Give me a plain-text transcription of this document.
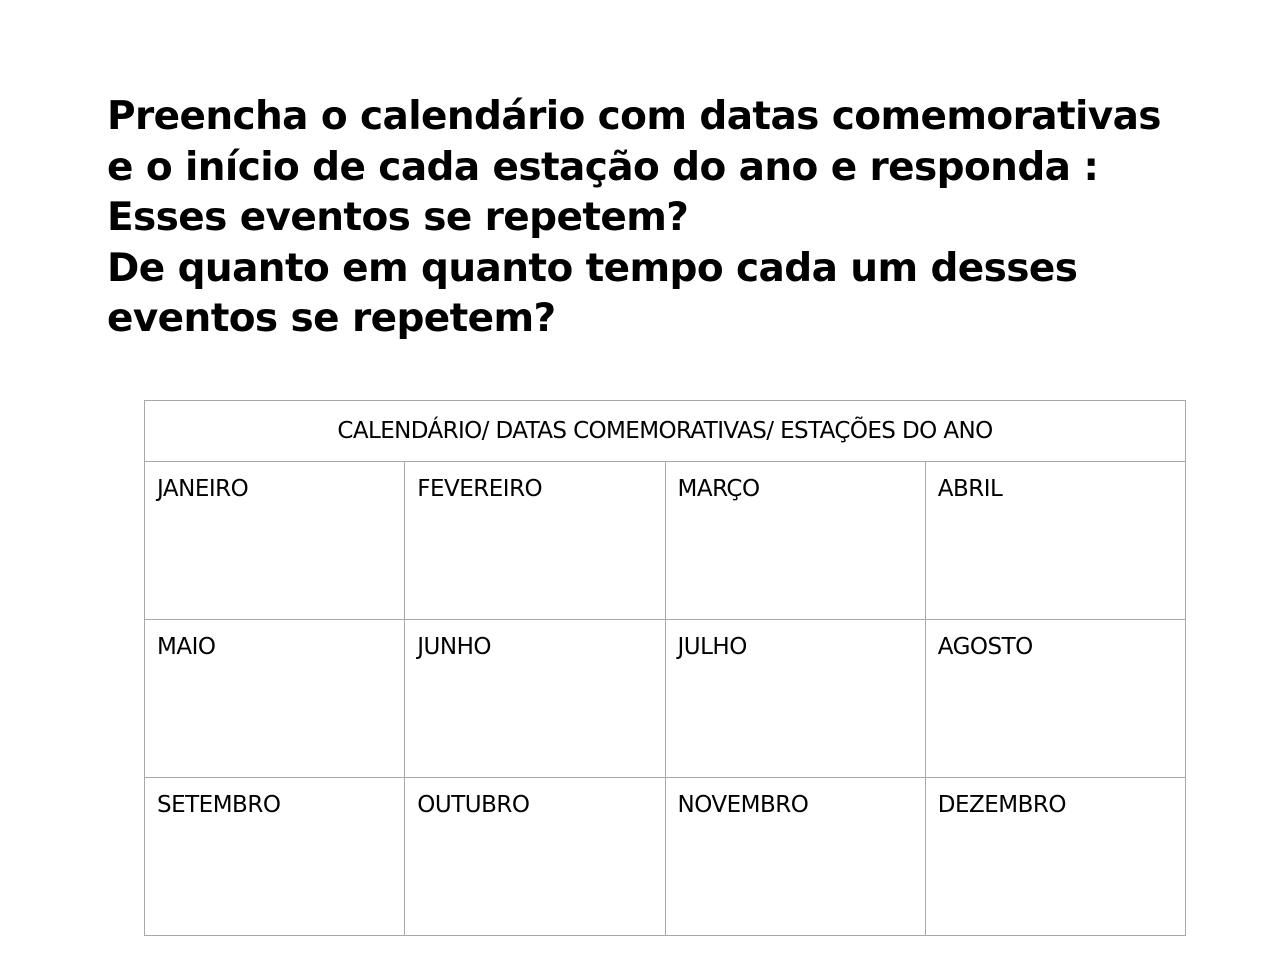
Preencha o calendário com datas comemorativas
e o início de cada estação do ano e responda :
Esses eventos se repetem?
De quanto em quanto tempo cada um desses
eventos se repetem?
CALENDÁRIO/ DATAS COMEMORATIVAS/ ESTAÇÕES DO ANO			
JANEIRO	FEVEREIRO	MARÇO	ABRIL
MAIO	JUNHO	JULHO	AGOSTO
SETEMBRO	OUTUBRO	NOVEMBRO	DEZEMBRO
